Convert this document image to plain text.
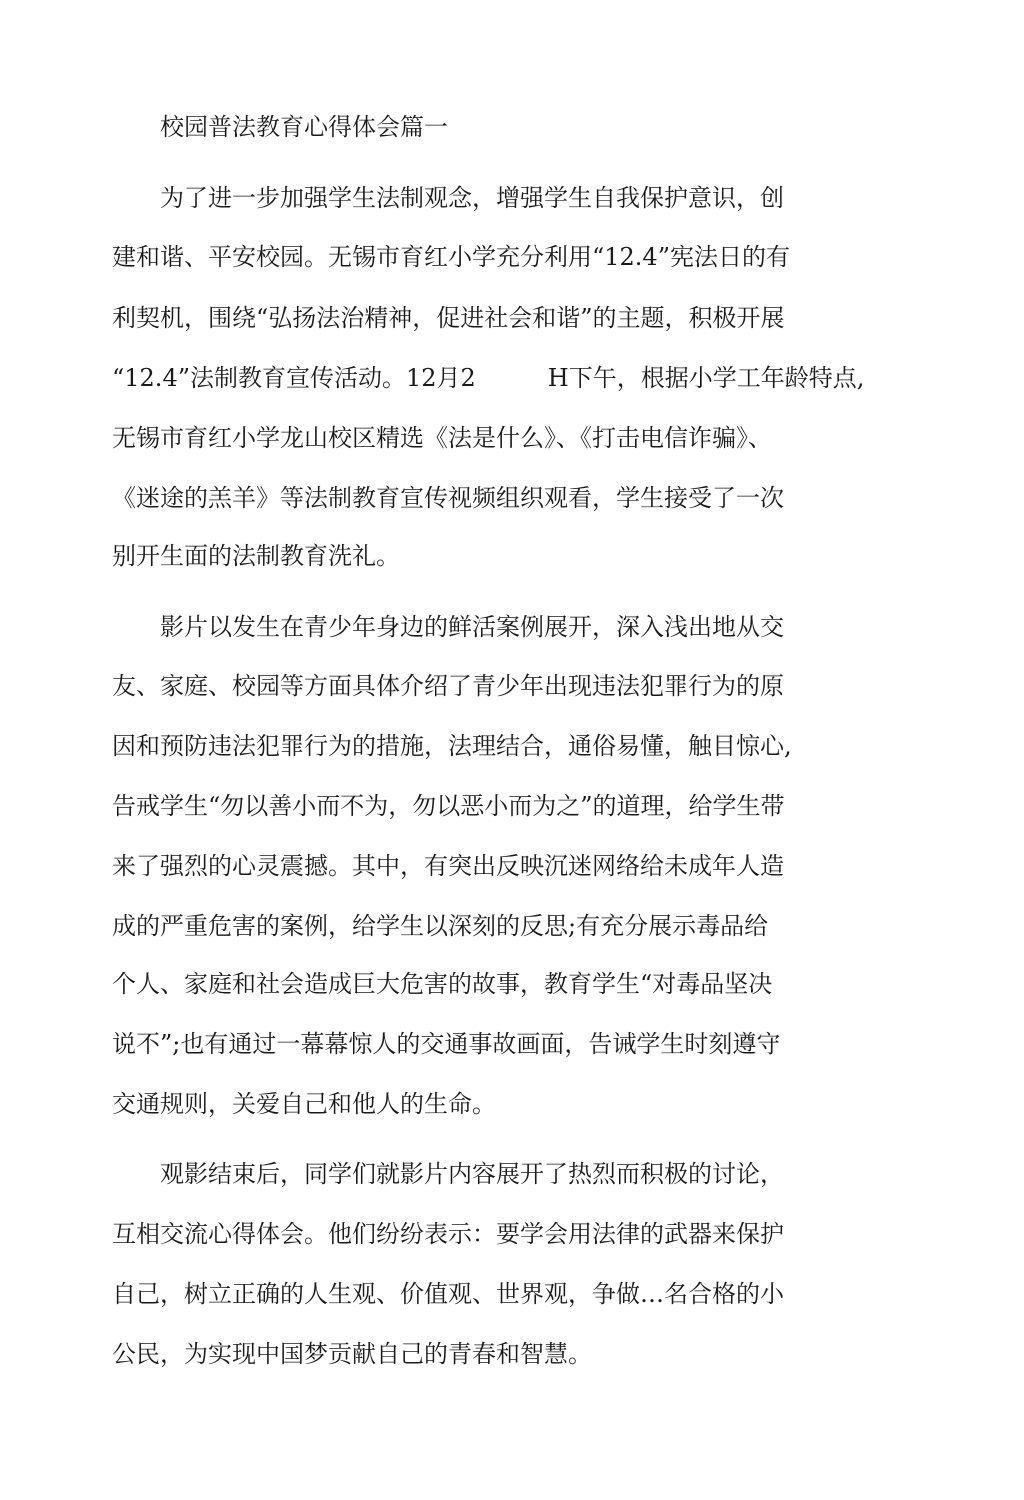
校园普法教育心得体会篇一
为了进一步加强学生法制观念，增强学生自我保护意识，创
建和谐、平安校园。无锡市育红小学充分利用“12.4”宪法日的有
利契机，围绕“弘扬法治精神，促进社会和谐”的主题，积极开展
“12.4”法制教育宣传活动。12月2　　　H下午，根据小学工年龄特点,
无锡市育红小学龙山校区精选《法是什么》、《打击电信诈骗》、
《迷途的羔羊》等法制教育宣传视频组织观看，学生接受了一次
别开生面的法制教育洗礼。
影片以发生在青少年身边的鲜活案例展开，深入浅出地从交
友、家庭、校园等方面具体介绍了青少年出现违法犯罪行为的原
因和预防违法犯罪行为的措施，法理结合，通俗易懂，触目惊心,
告戒学生“勿以善小而不为，勿以恶小而为之”的道理，给学生带
来了强烈的心灵震撼。其中，有突出反映沉迷网络给未成年人造
成的严重危害的案例，给学生以深刻的反思;有充分展示毒品给
个人、家庭和社会造成巨大危害的故事，教育学生“对毒品坚决
说不”;也有通过一幕幕惊人的交通事故画面，告诫学生时刻遵守
交通规则，关爱自己和他人的生命。
观影结束后，同学们就影片内容展开了热烈而积极的讨论，
互相交流心得体会。他们纷纷表示：要学会用法律的武器来保护
自己，树立正确的人生观、价值观、世界观，争做…名合格的小
公民，为实现中国梦贡献自己的青春和智慧。
